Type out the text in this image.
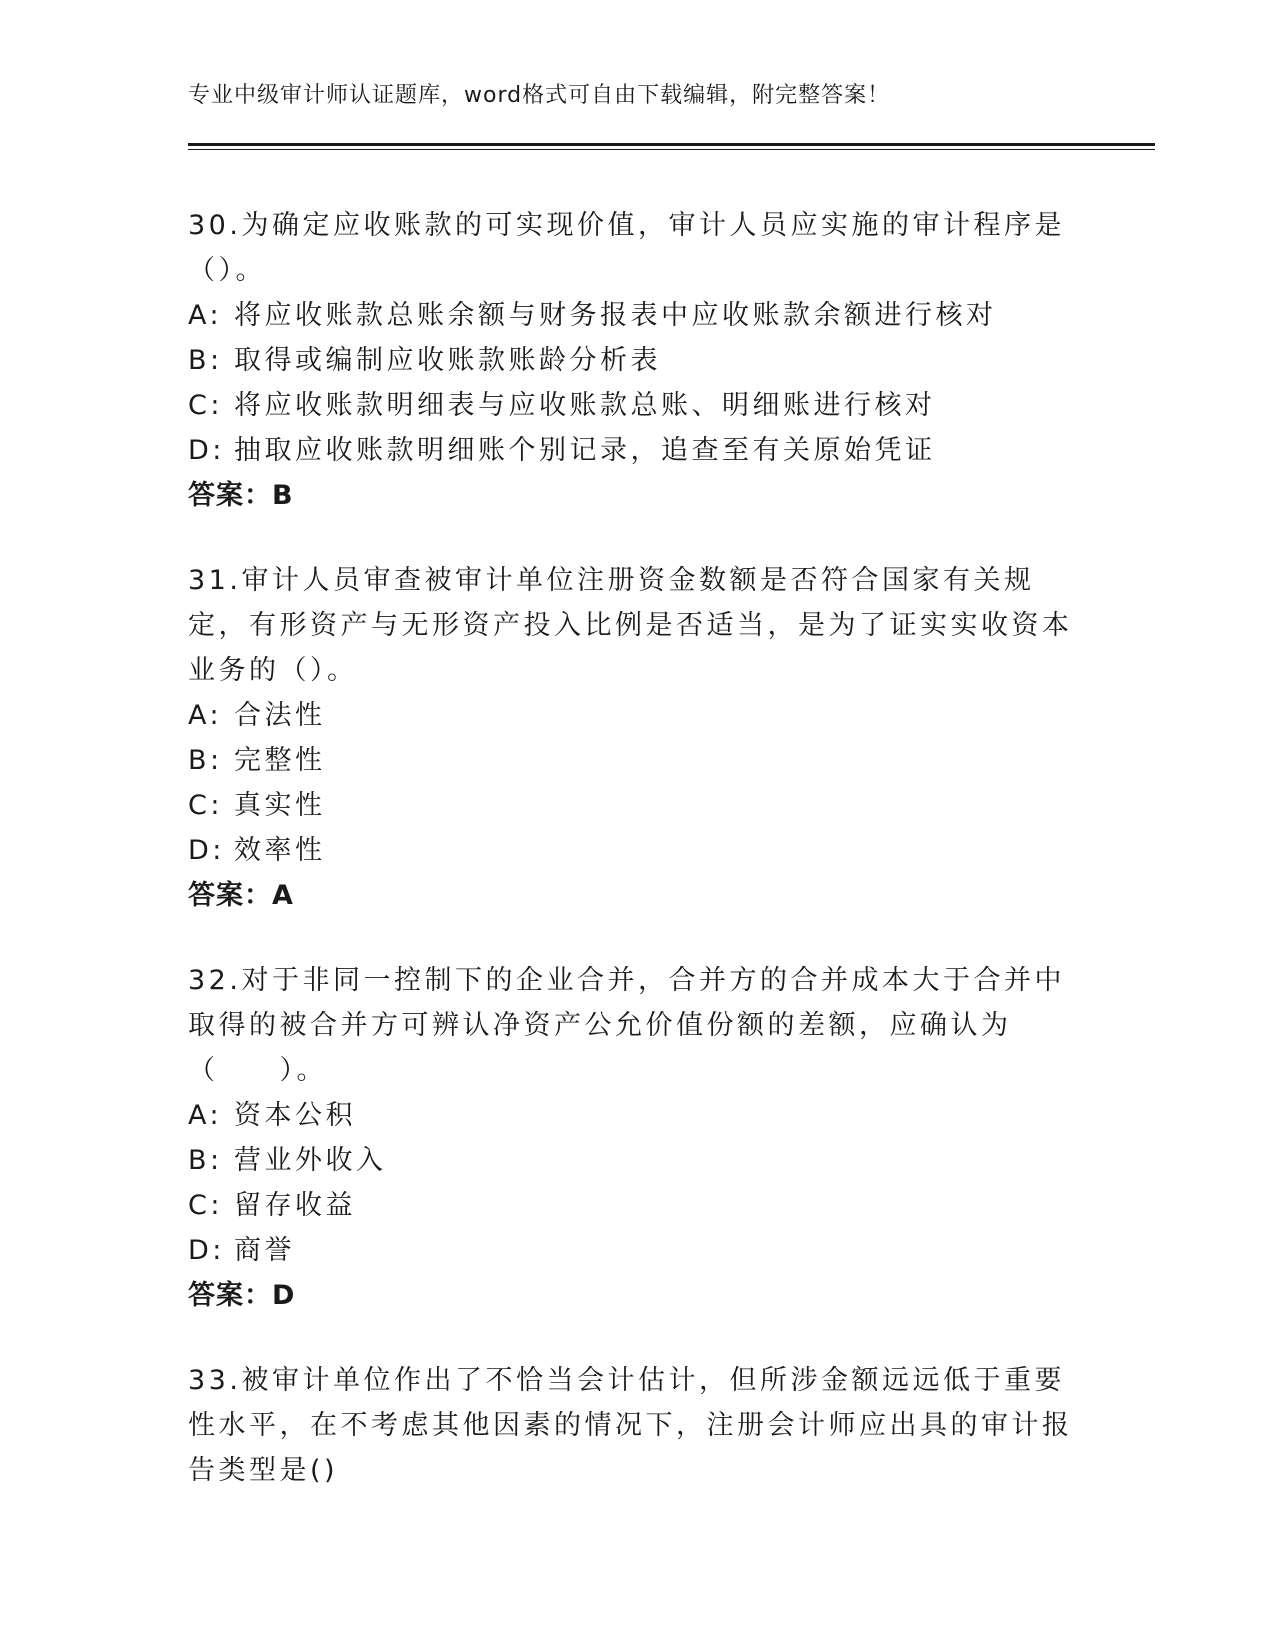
专业中级审计师认证题库，word格式可自由下载编辑，附完整答案！

30.为确定应收账款的可实现价值，审计人员应实施的审计程序是（）。

A: 将应收账款总账余额与财务报表中应收账款余额进行核对

B: 取得或编制应收账款账龄分析表

C: 将应收账款明细表与应收账款总账、明细账进行核对

D: 抽取应收账款明细账个别记录，追查至有关原始凭证

答案：B

31.审计人员审查被审计单位注册资金数额是否符合国家有关规定，有形资产与无形资产投入比例是否适当，是为了证实实收资本业务的（）。

A: 合法性

B: 完整性

C: 真实性

D: 效率性

答案：A

32.对于非同一控制下的企业合并，合并方的合并成本大于合并中取得的被合并方可辨认净资产公允价值份额的差额，应确认为（　　）。

A: 资本公积

B: 营业外收入

C: 留存收益

D: 商誉

答案：D

33.被审计单位作出了不恰当会计估计，但所涉金额远远低于重要性水平，在不考虑其他因素的情况下，注册会计师应出具的审计报告类型是()
